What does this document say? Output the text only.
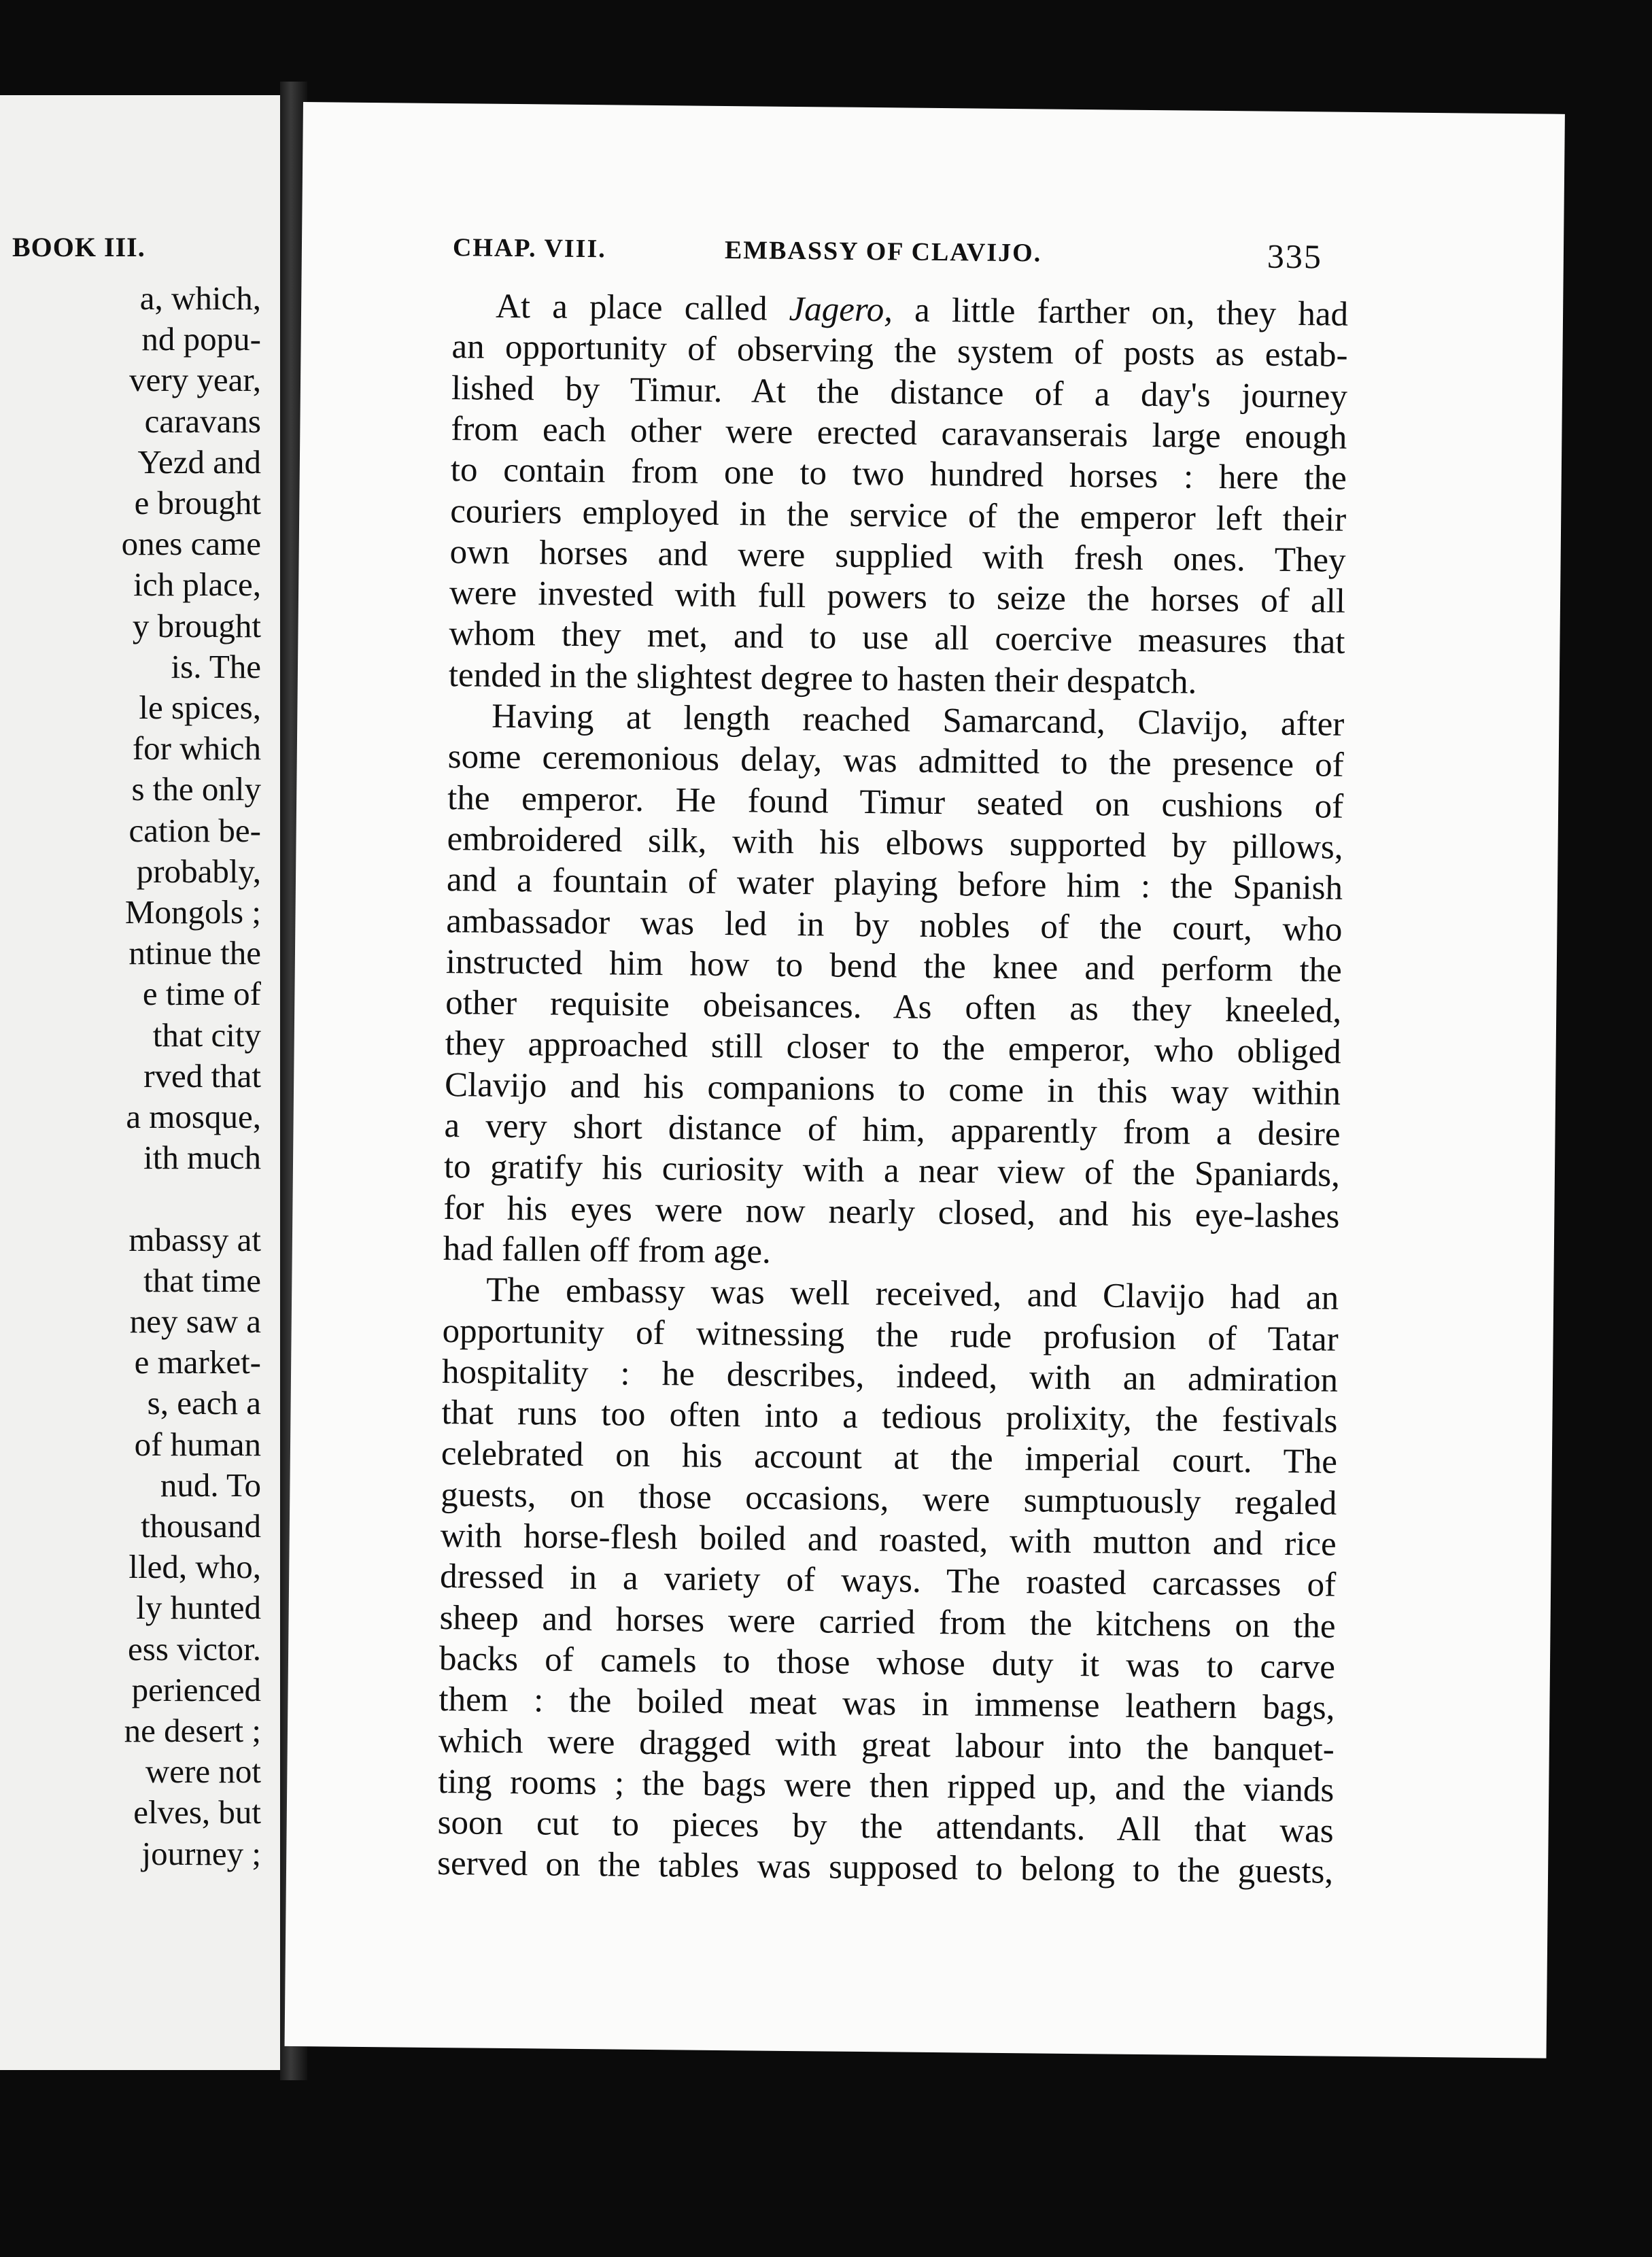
BOOK III.
a, which,
nd popu-
very year,
caravans
Yezd and
e brought
ones came
ich place,
y brought
is. The
le spices,
for which
s the only
cation be-
probably,
Mongols ;
ntinue the
e time of
that city
rved that
a mosque,
ith much
mbassy at
that time
ney saw a
e market-
s, each a
of human
nud. To
thousand
lled, who,
ly hunted
ess victor.
perienced
ne desert ;
were not
elves, but
journey ;
CHAP. VIII.	EMBASSY OF CLAVIJO.	335
At a place called Jagero, a little farther on, they had
an opportunity of observing the system of posts as estab-
lished by Timur. At the distance of a day's journey
from each other were erected caravanserais large enough
to contain from one to two hundred horses : here the
couriers employed in the service of the emperor left their
own horses and were supplied with fresh ones. They
were invested with full powers to seize the horses of all
whom they met, and to use all coercive measures that
tended in the slightest degree to hasten their despatch.
Having at length reached Samarcand, Clavijo, after
some ceremonious delay, was admitted to the presence of
the emperor. He found Timur seated on cushions of
embroidered silk, with his elbows supported by pillows,
and a fountain of water playing before him : the Spanish
ambassador was led in by nobles of the court, who
instructed him how to bend the knee and perform the
other requisite obeisances. As often as they kneeled,
they approached still closer to the emperor, who obliged
Clavijo and his companions to come in this way within
a very short distance of him, apparently from a desire
to gratify his curiosity with a near view of the Spaniards,
for his eyes were now nearly closed, and his eye-lashes
had fallen off from age.
The embassy was well received, and Clavijo had an
opportunity of witnessing the rude profusion of Tatar
hospitality : he describes, indeed, with an admiration
that runs too often into a tedious prolixity, the festivals
celebrated on his account at the imperial court. The
guests, on those occasions, were sumptuously regaled
with horse-flesh boiled and roasted, with mutton and rice
dressed in a variety of ways. The roasted carcasses of
sheep and horses were carried from the kitchens on the
backs of camels to those whose duty it was to carve
them : the boiled meat was in immense leathern bags,
which were dragged with great labour into the banquet-
ting rooms ; the bags were then ripped up, and the viands
soon cut to pieces by the attendants. All that was
served on the tables was supposed to belong to the guests,
